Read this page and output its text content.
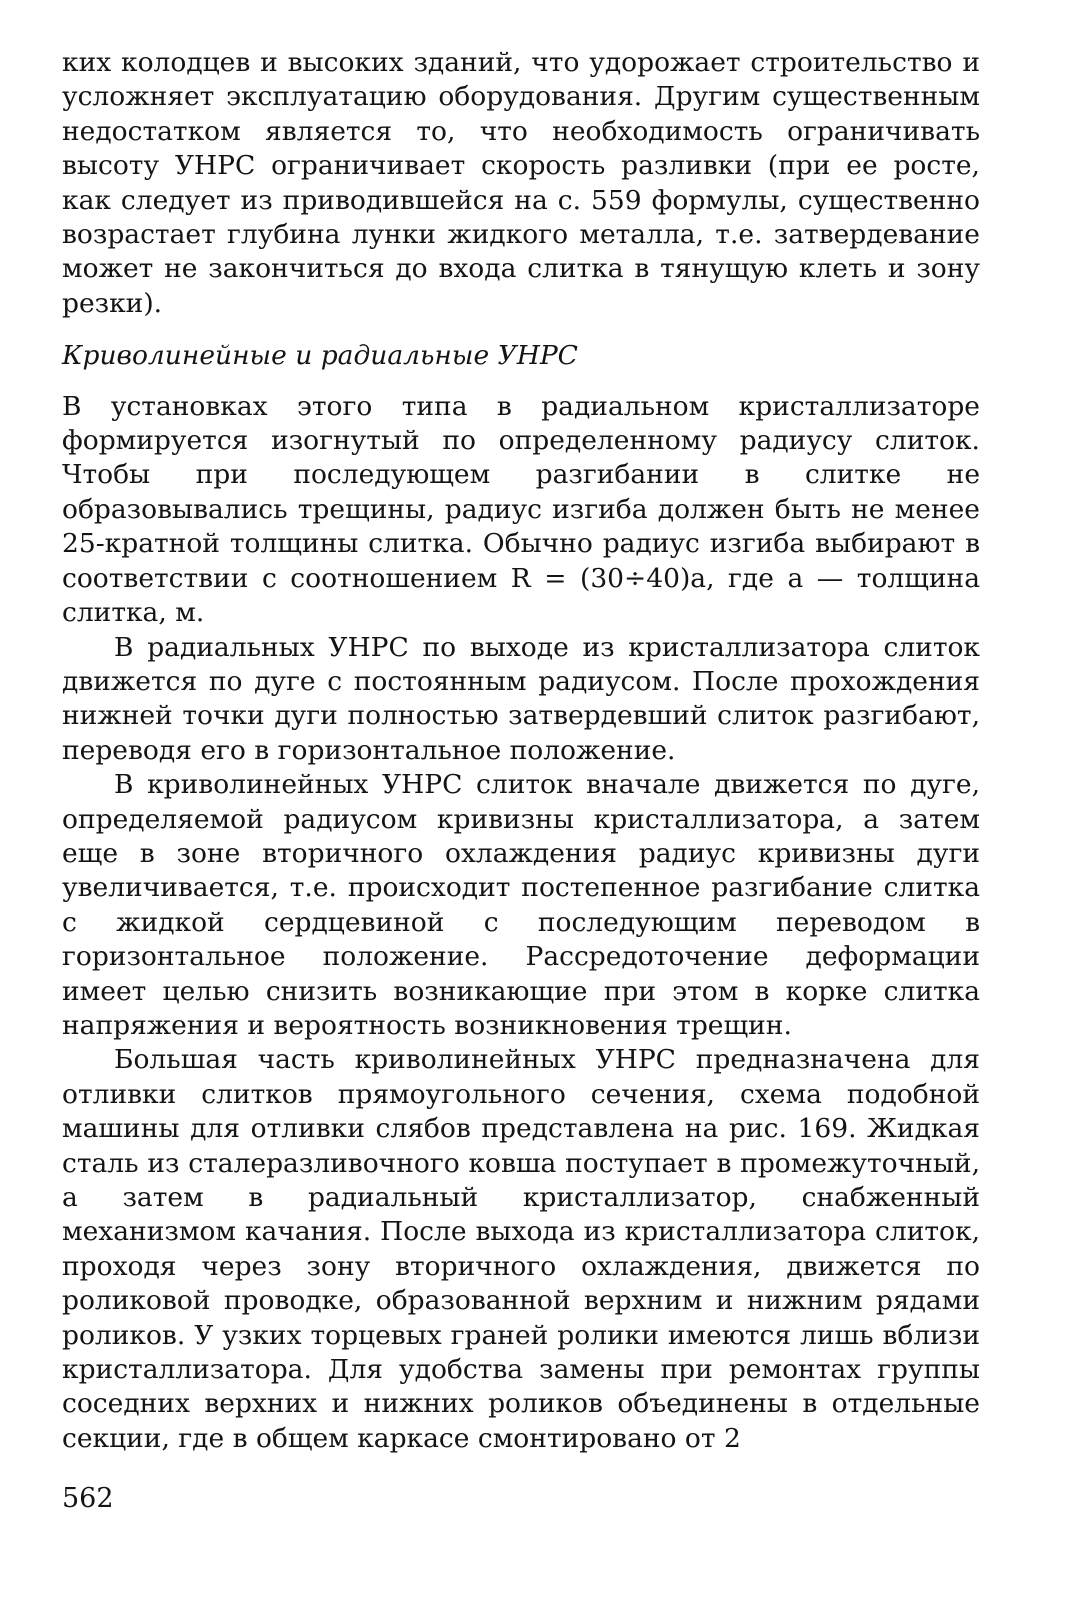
ких колодцев и высоких зданий, что удорожает строительство и усложняет эксплуатацию оборудования. Другим существенным недостатком является то, что необходимость ограничивать высоту УНРС ограничивает скорость разливки (при ее росте, как следует из приводившейся на с. 559 формулы, существенно возрастает глубина лунки жидкого металла, т.е. затвердевание может не закончиться до входа слитка в тянущую клеть и зону резки).

Криволинейные и радиальные УНРС

В установках этого типа в радиальном кристаллизаторе формируется изогнутый по определенному радиусу слиток. Чтобы при последующем разгибании в слитке не образовывались трещины, радиус изгиба должен быть не менее 25-кратной толщины слитка. Обычно радиус изгиба выбирают в соответствии с соотношением R = (30÷40)a, где a — толщина слитка, м.

В радиальных УНРС по выходе из кристаллизатора слиток движется по дуге с постоянным радиусом. После прохождения нижней точки дуги полностью затвердевший слиток разгибают, переводя его в горизонтальное положение.

В криволинейных УНРС слиток вначале движется по дуге, определяемой радиусом кривизны кристаллизатора, а затем еще в зоне вторичного охлаждения радиус кривизны дуги увеличивается, т.е. происходит постепенное разгибание слитка с жидкой сердцевиной с последующим переводом в горизонтальное положение. Рассредоточение деформации имеет целью снизить возникающие при этом в корке слитка напряжения и вероятность возникновения трещин.

Большая часть криволинейных УНРС предназначена для отливки слитков прямоугольного сечения, схема подобной машины для отливки слябов представлена на рис. 169. Жидкая сталь из сталеразливочного ковша поступает в промежуточный, а затем в радиальный кристаллизатор, снабженный механизмом качания. После выхода из кристаллизатора слиток, проходя через зону вторичного охлаждения, движется по роликовой проводке, образованной верхним и нижним рядами роликов. У узких торцевых граней ролики имеются лишь вблизи кристаллизатора. Для удобства замены при ремонтах группы соседних верхних и нижних роликов объединены в отдельные секции, где в общем каркасе смонтировано от 2

562
